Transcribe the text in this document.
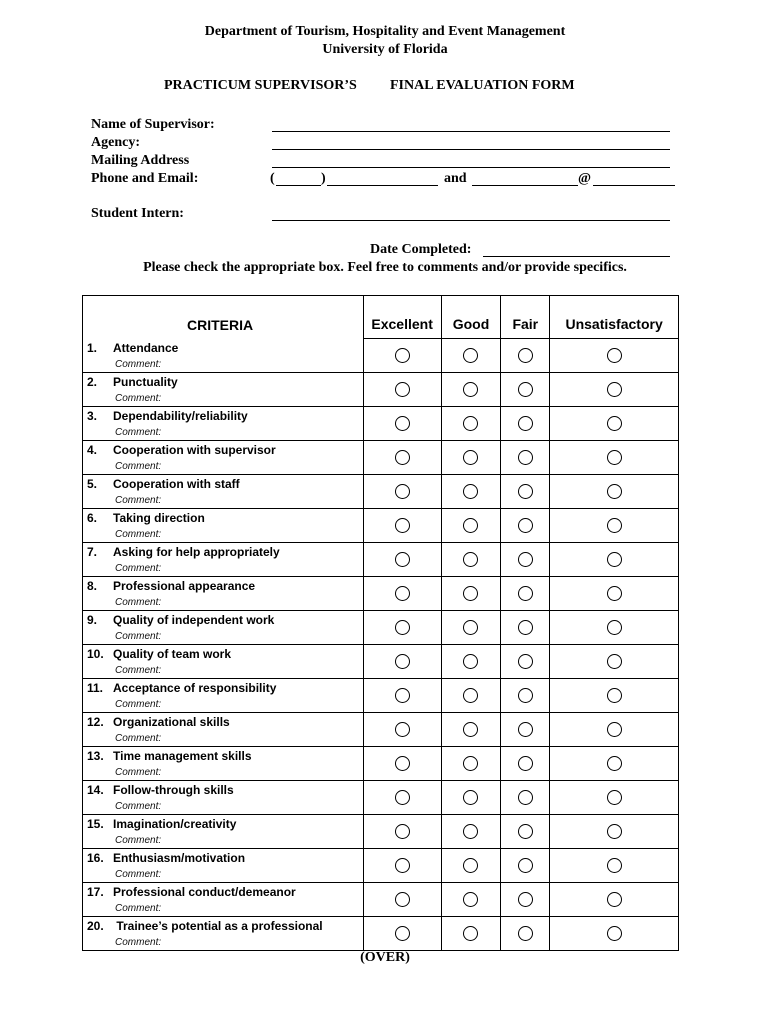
Department of Tourism, Hospitality and Event Management
University of Florida
PRACTICUM SUPERVISOR’S FINAL EVALUATION FORM
Name of Supervisor:
Agency:
Mailing Address
Phone and Email:	(	)	and	@
Student Intern:
Date Completed:
Please check the appropriate box. Feel free to comments and/or provide specifics.
CRITERIA	Excellent	Good	Fair	Unsatisfactory
1. Attendance				
Comment:				
2. Punctuality				
Comment:				
3. Dependability/reliability				
Comment:				
4. Cooperation with supervisor				
Comment:				
5. Cooperation with staff				
Comment:				
6. Taking direction				
Comment:				
7. Asking for help appropriately				
Comment:				
8. Professional appearance				
Comment:				
9. Quality of independent work				
Comment:				
10. Quality of team work				
Comment:				
11. Acceptance of responsibility				
Comment:				
12. Organizational skills				
Comment:				
13. Time management skills				
Comment:				
14. Follow-through skills				
Comment:				
15. Imagination/creativity				
Comment:				
16. Enthusiasm/motivation				
Comment:				
17. Professional conduct/demeanor				
Comment:				
20. Trainee’s potential as a professional				
Comment:				
(OVER)
